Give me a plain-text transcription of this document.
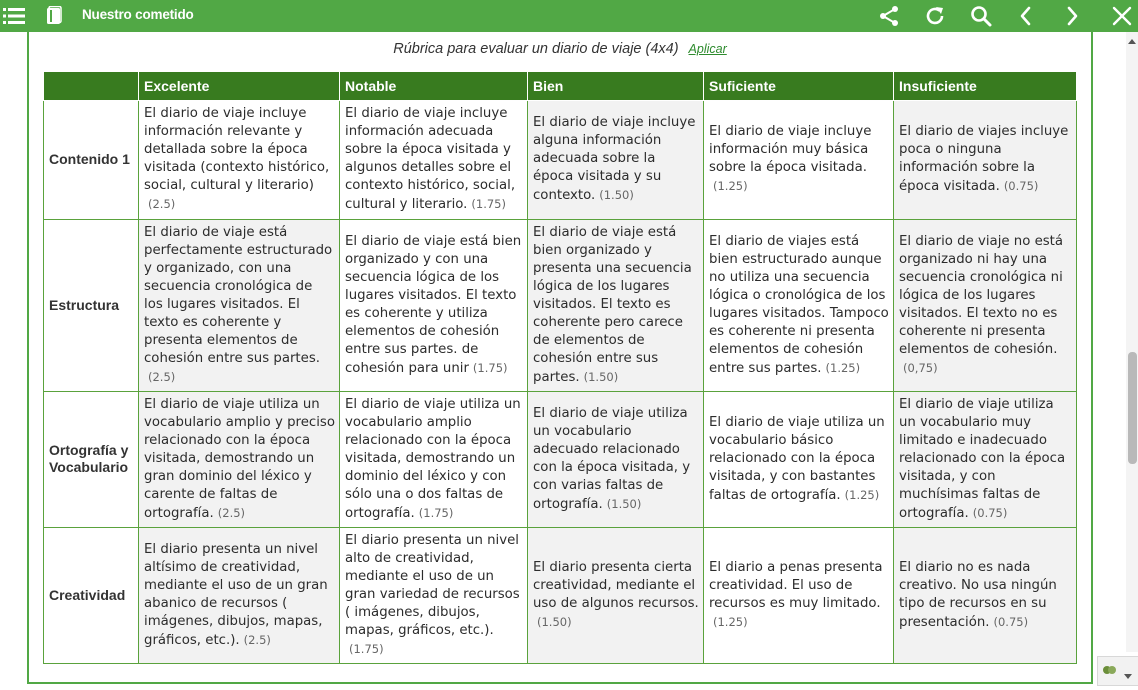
Nuestro cometido
Rúbrica para evaluar un diario de viaje (4x4) Aplicar
	Excelente	Notable	Bien	Suficiente	Insuficiente
Contenido 1	El diario de viaje incluye información relevante y detallada sobre la época visitada (contexto histórico, social, cultural y literario)(2.5)	El diario de viaje incluye información adecuada sobre la época visitada y algunos detalles sobre el contexto histórico, social, cultural y literario. (1.75)	El diario de viaje incluye alguna información adecuada sobre la época visitada y su contexto. (1.50)	El diario de viaje incluye información muy básica sobre la época visitada.(1.25)	El diario de viajes incluye poca o ninguna información sobre la época visitada. (0.75)
Estructura	El diario de viaje está perfectamente estructurado y organizado, con una secuencia cronológica de los lugares visitados. El texto es coherente y presenta elementos de cohesión entre sus partes.(2.5)	El diario de viaje está bien organizado y con una secuencia lógica de los lugares visitados. El texto es coherente y utiliza elementos de cohesión entre sus partes. de cohesión para unir (1.75)	El diario de viaje está bien organizado y presenta una secuencia lógica de los lugares visitados. El texto es coherente pero carece de elementos de cohesión entre sus partes. (1.50)	El diario de viajes está bien estructurado aunque no utiliza una secuencia lógica o cronológica de los lugares visitados. Tampoco es coherente ni presenta elementos de cohesión entre sus partes. (1.25)	El diario de viaje no está organizado ni hay una secuencia cronológica ni lógica de los lugares visitados. El texto no es coherente ni presenta elementos de cohesión.(0,75)
Ortografía y Vocabulario	El diario de viaje utiliza un vocabulario amplio y preciso relacionado con la época visitada, demostrando un gran dominio del léxico y carente de faltas de ortografía. (2.5)	El diario de viaje utiliza un vocabulario amplio relacionado con la época visitada, demostrando un dominio del léxico y con sólo una o dos faltas de ortografía. (1.75)	El diario de viaje utiliza un vocabulario adecuado relacionado con la época visitada, y con varias faltas de ortografía. (1.50)	El diario de viaje utiliza un vocabulario básico relacionado con la época visitada, y con bastantes faltas de ortografía. (1.25)	El diario de viaje utiliza un vocabulario muy limitado e inadecuado relacionado con la época visitada, y con muchísimas faltas de ortografía. (0.75)
Creatividad	El diario presenta un nivel altísimo de creatividad, mediante el uso de un gran abanico de recursos ( imágenes, dibujos, mapas, gráficos, etc.). (2.5)	El diario presenta un nivel alto de creatividad, mediante el uso de un gran variedad de recursos ( imágenes, dibujos, mapas, gráficos, etc.).(1.75)	El diario presenta cierta creatividad, mediante el uso de algunos recursos.(1.50)	El diario a penas presenta creatividad. El uso de recursos es muy limitado.(1.25)	El diario no es nada creativo. No usa ningún tipo de recursos en su presentación. (0.75)
